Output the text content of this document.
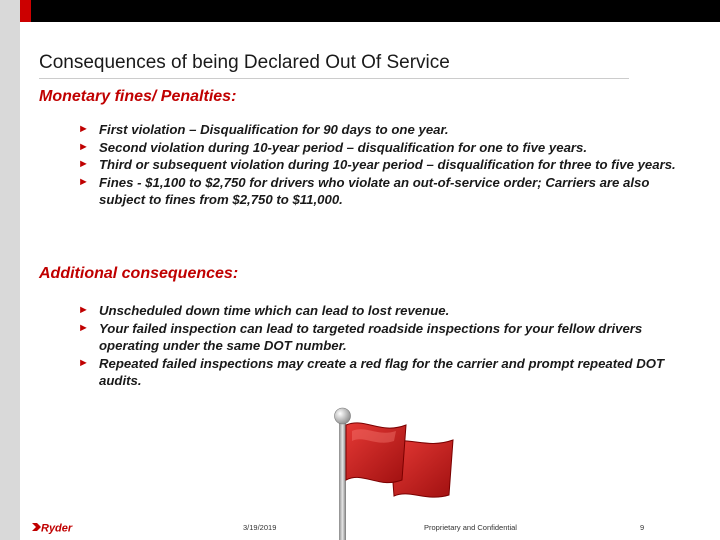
Consequences of being Declared Out Of Service
Monetary fines/ Penalties:
► First violation – Disqualification for 90 days to one year.
► Second violation during 10-year period – disqualification for one to five years.
► Third or subsequent violation during 10-year period – disqualification for three to five years.
► Fines - $1,100 to $2,750 for drivers who violate an out-of-service order; Carriers are also subject to fines from $2,750 to $11,000.
Additional consequences:
► Unscheduled down time which can lead to lost revenue.
► Your failed inspection can lead to targeted roadside inspections for your fellow drivers operating under the same DOT number.
► Repeated failed inspections may create a red flag for the carrier and prompt repeated DOT audits.
Ryder	3/19/2019	Proprietary and Confidential	9
